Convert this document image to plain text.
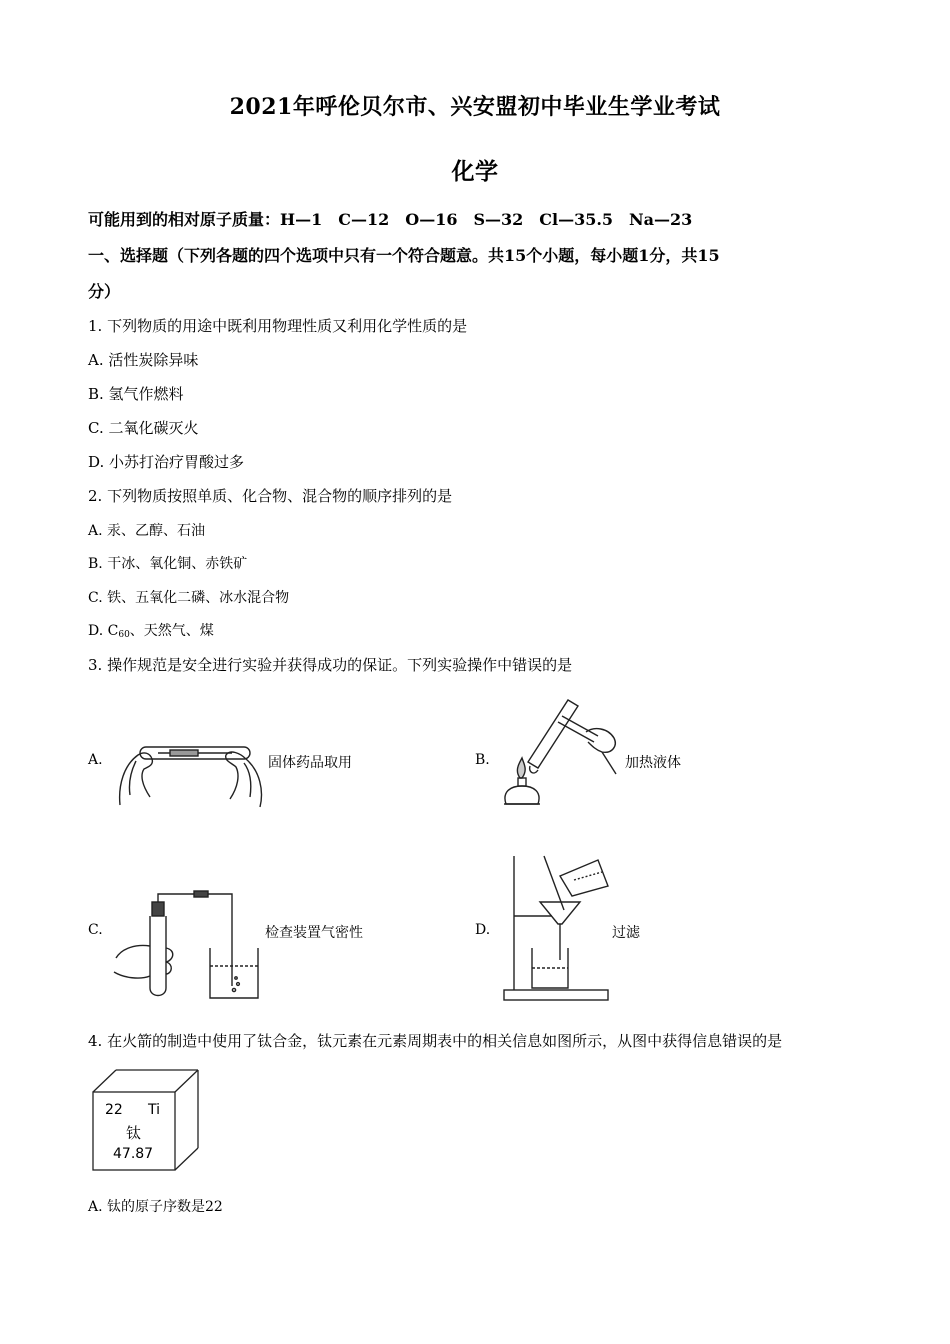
2021年呼伦贝尔市、兴安盟初中毕业生学业考试
化学
可能用到的相对原子质量：H—1　C—12　O—16　S—32　Cl—35.5　Na—23
一、选择题（下列各题的四个选项中只有一个符合题意。共15个小题，每小题1分，共15
分）
1. 下列物质的用途中既利用物理性质又利用化学性质的是
A. 活性炭除异味
B. 氢气作燃料
C. 二氧化碳灭火
D. 小苏打治疗胃酸过多
2. 下列物质按照单质、化合物、混合物的顺序排列的是
A. 汞、乙醇、石油
B. 干冰、氧化铜、赤铁矿
C. 铁、五氧化二磷、冰水混合物
D. $C_{60}$、天然气、煤
3. 操作规范是安全进行实验并获得成功的保证。下列实验操作中错误的是
A.	固体药品取用	B.	加热液体
C.	检查装置气密性	D.	过滤
4. 在火箭的制造中使用了钛合金，钛元素在元素周期表中的相关信息如图所示，从图中获得信息错误的是
22 Ti
钛
47.87
A. 钛的原子序数是22
